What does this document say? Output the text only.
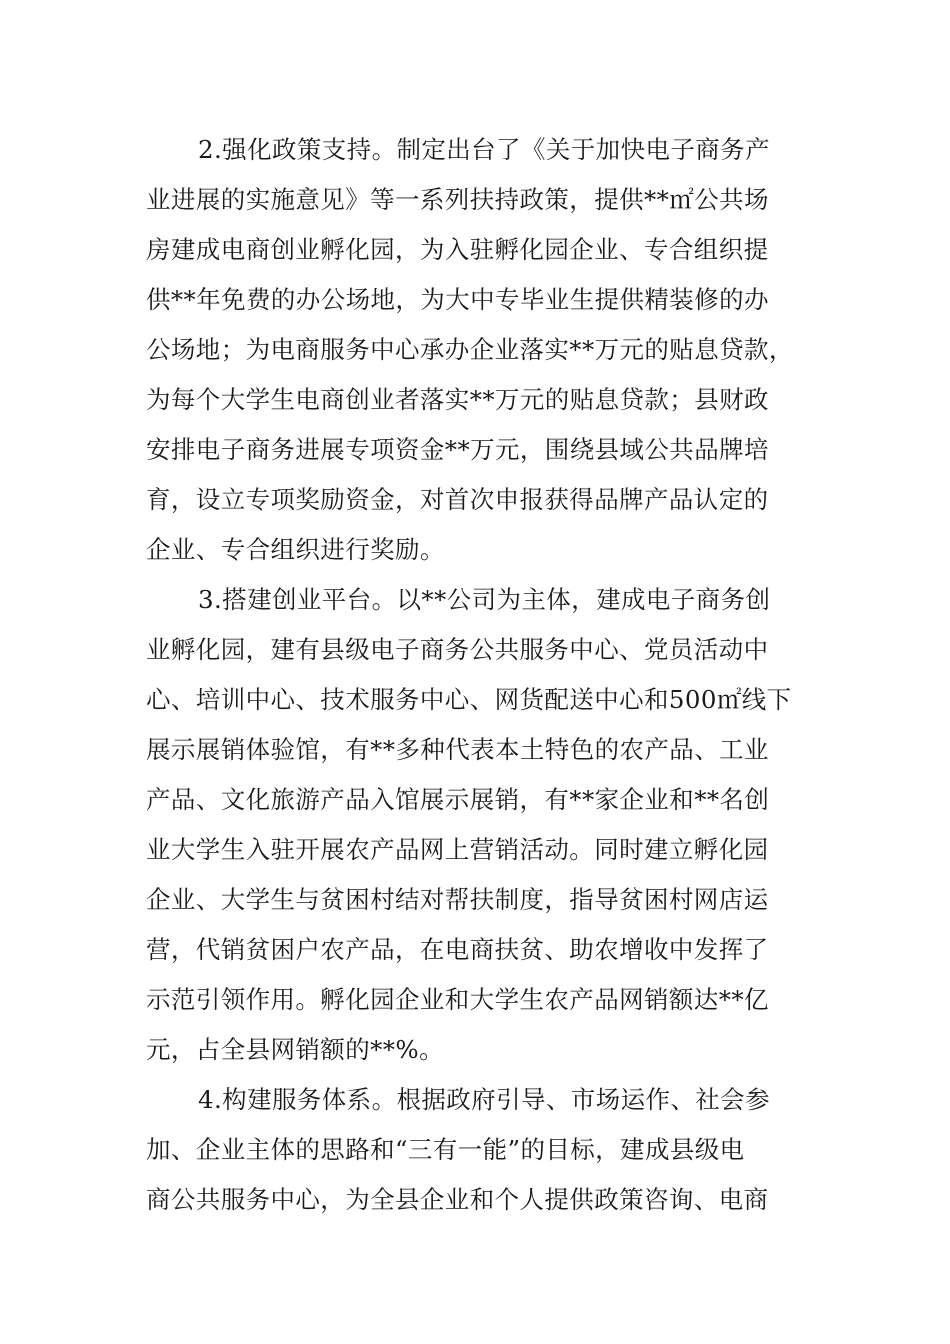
2.强化政策支持。制定出台了《关于加快电子商务产
业进展的实施意见》等一系列扶持政策，提供**㎡公共场
房建成电商创业孵化园，为入驻孵化园企业、专合组织提
供**年免费的办公场地，为大中专毕业生提供精装修的办
公场地；为电商服务中心承办企业落实**万元的贴息贷款，
为每个大学生电商创业者落实**万元的贴息贷款；县财政
安排电子商务进展专项资金**万元，围绕县域公共品牌培
育，设立专项奖励资金，对首次申报获得品牌产品认定的
企业、专合组织进行奖励。
3.搭建创业平台。以**公司为主体，建成电子商务创
业孵化园，建有县级电子商务公共服务中心、党员活动中
心、培训中心、技术服务中心、网货配送中心和500㎡线下
展示展销体验馆，有**多种代表本土特色的农产品、工业
产品、文化旅游产品入馆展示展销，有**家企业和**名创
业大学生入驻开展农产品网上营销活动。同时建立孵化园
企业、大学生与贫困村结对帮扶制度，指导贫困村网店运
营，代销贫困户农产品，在电商扶贫、助农增收中发挥了
示范引领作用。孵化园企业和大学生农产品网销额达**亿
元，占全县网销额的**%。
4.构建服务体系。根据政府引导、市场运作、社会参
加、企业主体的思路和“三有一能”的目标，建成县级电
商公共服务中心，为全县企业和个人提供政策咨询、电商
